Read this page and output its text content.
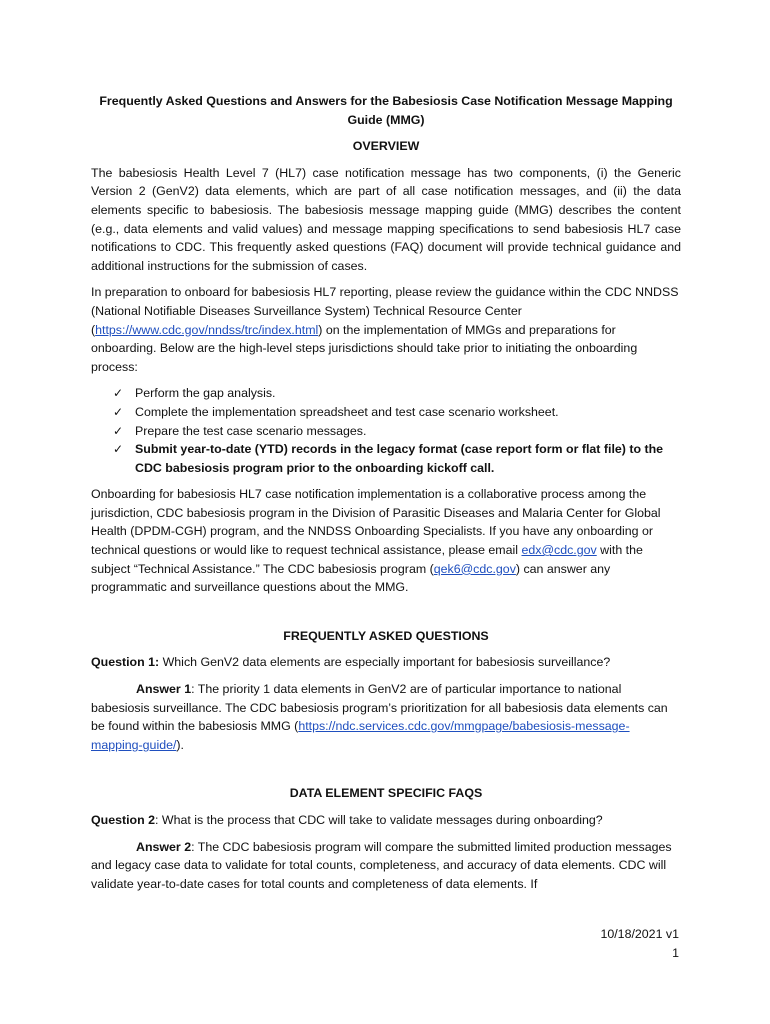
Frequently Asked Questions and Answers for the Babesiosis Case Notification Message Mapping Guide (MMG)

OVERVIEW

The babesiosis Health Level 7 (HL7) case notification message has two components, (i) the Generic Version 2 (GenV2) data elements, which are part of all case notification messages, and (ii) the data elements specific to babesiosis. The babesiosis message mapping guide (MMG) describes the content (e.g., data elements and valid values) and message mapping specifications to send babesiosis HL7 case notifications to CDC. This frequently asked questions (FAQ) document will provide technical guidance and additional instructions for the submission of cases.

In preparation to onboard for babesiosis HL7 reporting, please review the guidance within the CDC NNDSS (National Notifiable Diseases Surveillance System) Technical Resource Center (https://www.cdc.gov/nndss/trc/index.html) on the implementation of MMGs and preparations for onboarding. Below are the high-level steps jurisdictions should take prior to initiating the onboarding process:

✓ Perform the gap analysis.
✓ Complete the implementation spreadsheet and test case scenario worksheet.
✓ Prepare the test case scenario messages.
✓ Submit year-to-date (YTD) records in the legacy format (case report form or flat file) to the CDC babesiosis program prior to the onboarding kickoff call.

Onboarding for babesiosis HL7 case notification implementation is a collaborative process among the jurisdiction, CDC babesiosis program in the Division of Parasitic Diseases and Malaria Center for Global Health (DPDM-CGH) program, and the NNDSS Onboarding Specialists. If you have any onboarding or technical questions or would like to request technical assistance, please email edx@cdc.gov with the subject “Technical Assistance.” The CDC babesiosis program (qek6@cdc.gov) can answer any programmatic and surveillance questions about the MMG.

FREQUENTLY ASKED QUESTIONS

Question 1: Which GenV2 data elements are especially important for babesiosis surveillance?

Answer 1: The priority 1 data elements in GenV2 are of particular importance to national babesiosis surveillance. The CDC babesiosis program’s prioritization for all babesiosis data elements can be found within the babesiosis MMG (https://ndc.services.cdc.gov/mmgpage/babesiosis-message-mapping-guide/).

DATA ELEMENT SPECIFIC FAQS

Question 2: What is the process that CDC will take to validate messages during onboarding?

Answer 2: The CDC babesiosis program will compare the submitted limited production messages and legacy case data to validate for total counts, completeness, and accuracy of data elements. CDC will validate year-to-date cases for total counts and completeness of data elements. If

10/18/2021 v1
1
